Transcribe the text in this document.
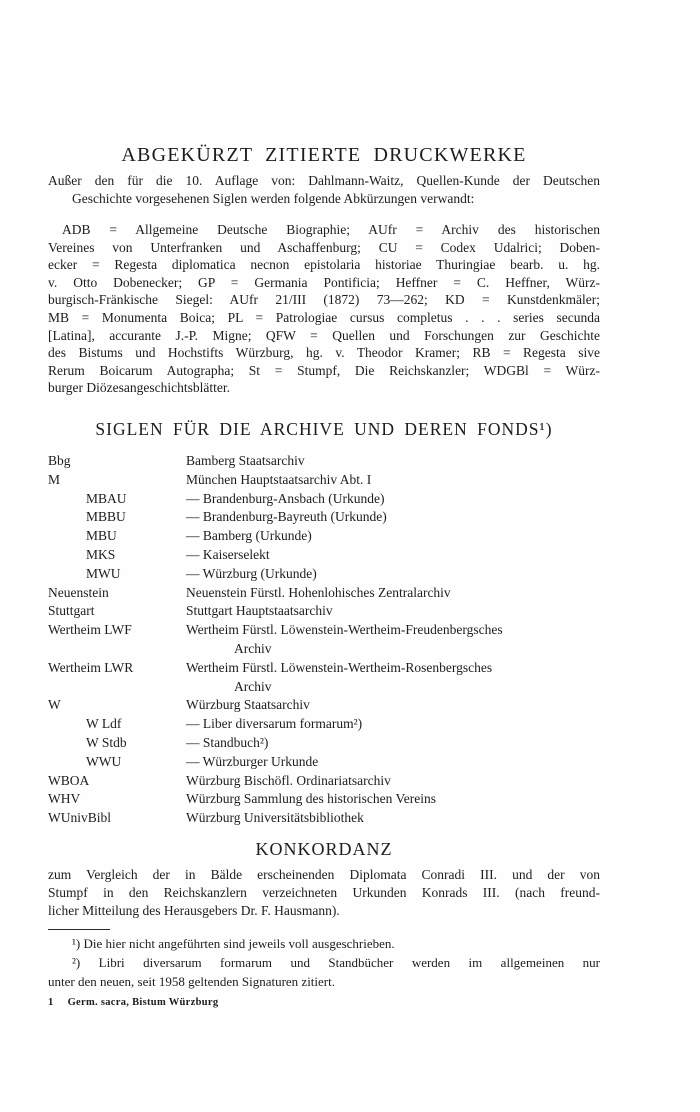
ABGEKÜRZT ZITIERTE DRUCKWERKE
Außer den für die 10. Auflage von: Dahlmann-Waitz, Quellen-Kunde der Deutschen
Geschichte vorgesehenen Siglen werden folgende Abkürzungen verwandt:
ADB = Allgemeine Deutsche Biographie; AUfr = Archiv des historischen
Vereines von Unterfranken und Aschaffenburg; CU = Codex Udalrici; Doben-
ecker = Regesta diplomatica necnon epistolaria historiae Thuringiae bearb. u. hg.
v. Otto Dobenecker; GP = Germania Pontificia; Heffner = C. Heffner, Würz-
burgisch-Fränkische Siegel: AUfr 21/III (1872) 73—262; KD = Kunstdenkmäler;
MB = Monumenta Boica; PL = Patrologiae cursus completus . . . series secunda
[Latina], accurante J.-P. Migne; QFW = Quellen und Forschungen zur Geschichte
des Bistums und Hochstifts Würzburg, hg. v. Theodor Kramer; RB = Regesta sive
Rerum Boicarum Autographa; St = Stumpf, Die Reichskanzler; WDGBl = Würz-
burger Diözesangeschichtsblätter.
SIGLEN FÜR DIE ARCHIVE UND DEREN FONDS¹)
Bbg	Bamberg Staatsarchiv
M	München Hauptstaatsarchiv Abt. I
MBAU	— Brandenburg-Ansbach (Urkunde)
MBBU	— Brandenburg-Bayreuth (Urkunde)
MBU	— Bamberg (Urkunde)
MKS	— Kaiserselekt
MWU	— Würzburg (Urkunde)
Neuenstein	Neuenstein Fürstl. Hohenlohisches Zentralarchiv
Stuttgart	Stuttgart Hauptstaatsarchiv
Wertheim LWF	Wertheim Fürstl. Löwenstein-Wertheim-Freudenbergsches
Archiv
Wertheim LWR	Wertheim Fürstl. Löwenstein-Wertheim-Rosenbergsches
Archiv
W	Würzburg Staatsarchiv
W Ldf	— Liber diversarum formarum²)
W Stdb	— Standbuch²)
WWU	— Würzburger Urkunde
WBOA	Würzburg Bischöfl. Ordinariatsarchiv
WHV	Würzburg Sammlung des historischen Vereins
WUnivBibl	Würzburg Universitätsbibliothek
KONKORDANZ
zum Vergleich der in Bälde erscheinenden Diplomata Conradi III. und der von
Stumpf in den Reichskanzlern verzeichneten Urkunden Konrads III. (nach freund-
licher Mitteilung des Herausgebers Dr. F. Hausmann).
¹) Die hier nicht angeführten sind jeweils voll ausgeschrieben.
²) Libri diversarum formarum und Standbücher werden im allgemeinen nur
unter den neuen, seit 1958 geltenden Signaturen zitiert.
1 Germ. sacra, Bistum Würzburg
